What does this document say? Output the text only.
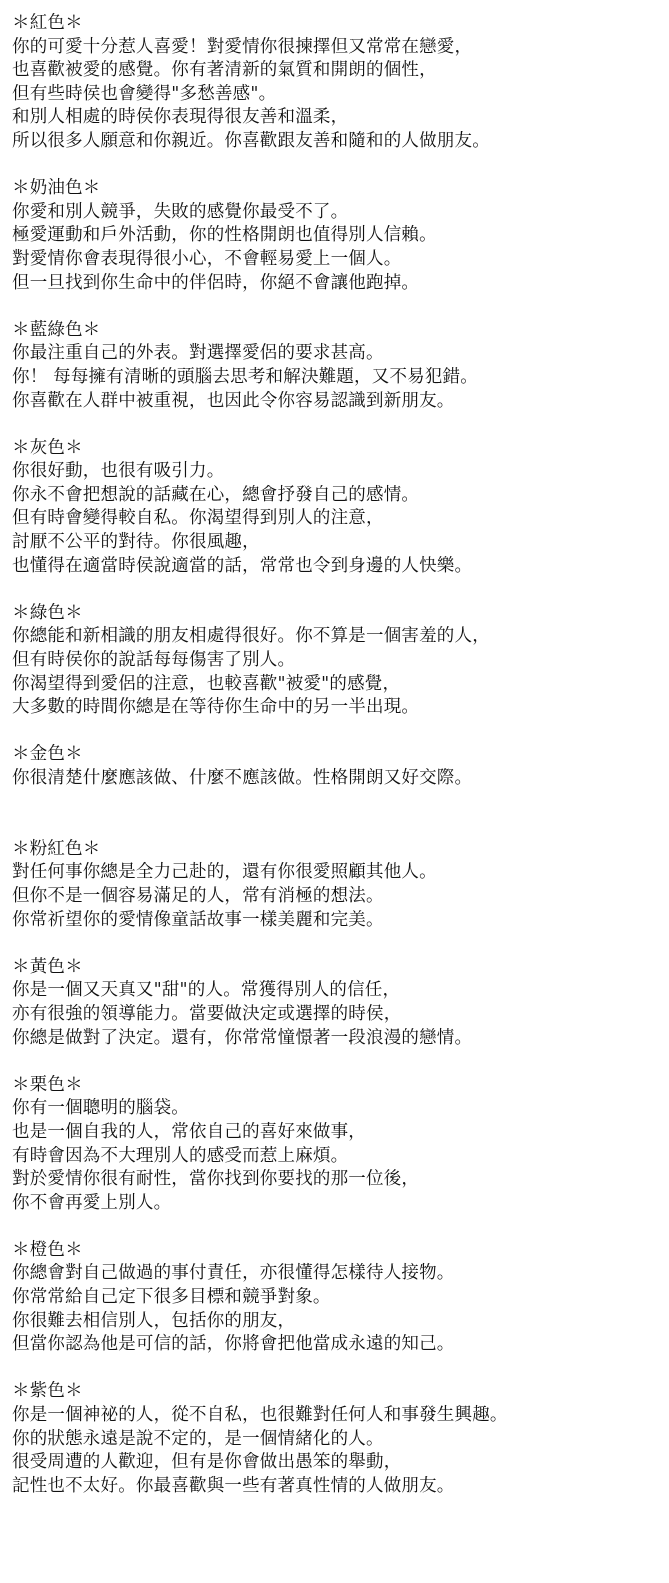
＊紅色＊
你的可愛十分惹人喜愛！對愛情你很揀擇但又常常在戀愛，
也喜歡被愛的感覺。你有著清新的氣質和開朗的個性，
但有些時侯也會變得"多愁善感"。
和別人相處的時侯你表現得很友善和溫柔，
所以很多人願意和你親近。你喜歡跟友善和隨和的人做朋友。
＊奶油色＊
你愛和別人競爭，失敗的感覺你最受不了。
極愛運動和戶外活動，你的性格開朗也值得別人信賴。
對愛情你會表現得很小心，不會輕易愛上一個人。
但一旦找到你生命中的伴侶時，你絕不會讓他跑掉。
＊藍綠色＊
你最注重自己的外表。對選擇愛侶的要求甚高。
你！ 每每擁有清晰的頭腦去思考和解決難題，又不易犯錯。
你喜歡在人群中被重視，也因此令你容易認識到新朋友。
＊灰色＊
你很好動，也很有吸引力。
你永不會把想說的話藏在心，總會抒發自己的感情。
但有時會變得較自私。你渴望得到別人的注意，
討厭不公平的對待。你很風趣，
也懂得在適當時侯說適當的話，常常也令到身邊的人快樂。
＊綠色＊
你總能和新相識的朋友相處得很好。你不算是一個害羞的人，
但有時侯你的說話每每傷害了別人。
你渴望得到愛侶的注意，也較喜歡"被愛"的感覺，
大多數的時間你總是在等待你生命中的另一半出現。
＊金色＊
你很清楚什麼應該做、什麼不應該做。性格開朗又好交際。
＊粉紅色＊
對任何事你總是全力己赴的，還有你很愛照顧其他人。
但你不是一個容易滿足的人，常有消極的想法。
你常祈望你的愛情像童話故事一樣美麗和完美。
＊黃色＊
你是一個又天真又"甜"的人。常獲得別人的信任，
亦有很強的領導能力。當要做決定或選擇的時侯，
你總是做對了決定。還有，你常常憧憬著一段浪漫的戀情。
＊栗色＊
你有一個聰明的腦袋。
也是一個自我的人，常依自己的喜好來做事，
有時會因為不大理別人的感受而惹上麻煩。
對於愛情你很有耐性，當你找到你要找的那一位後，
你不會再愛上別人。
＊橙色＊
你總會對自己做過的事付責任，亦很懂得怎樣待人接物。
你常常給自己定下很多目標和競爭對象。
你很難去相信別人，包括你的朋友，
但當你認為他是可信的話，你將會把他當成永遠的知己。
＊紫色＊
你是一個神祕的人，從不自私，也很難對任何人和事發生興趣。
你的狀態永遠是說不定的，是一個情緒化的人。
很受周遭的人歡迎，但有是你會做出愚笨的舉動，
記性也不太好。你最喜歡與一些有著真性情的人做朋友。
